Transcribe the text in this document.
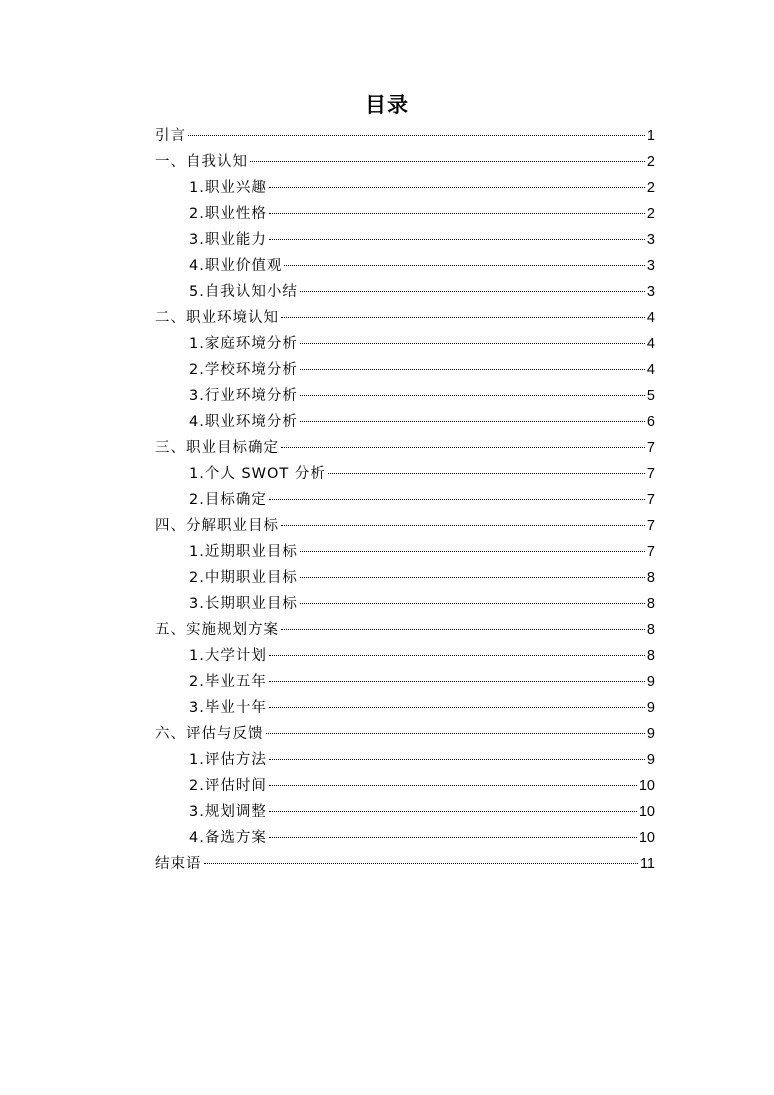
目录
引言	1
一、自我认知	2
1.职业兴趣	2
2.职业性格	2
3.职业能力	3
4.职业价值观	3
5.自我认知小结	3
二、职业环境认知	4
1.家庭环境分析	4
2.学校环境分析	4
3.行业环境分析	5
4.职业环境分析	6
三、职业目标确定	7
1.个人 SWOT 分析	7
2.目标确定	7
四、分解职业目标	7
1.近期职业目标	7
2.中期职业目标	8
3.长期职业目标	8
五、实施规划方案	8
1.大学计划	8
2.毕业五年	9
3.毕业十年	9
六、评估与反馈	9
1.评估方法	9
2.评估时间	10
3.规划调整	10
4.备选方案	10
结束语	11
